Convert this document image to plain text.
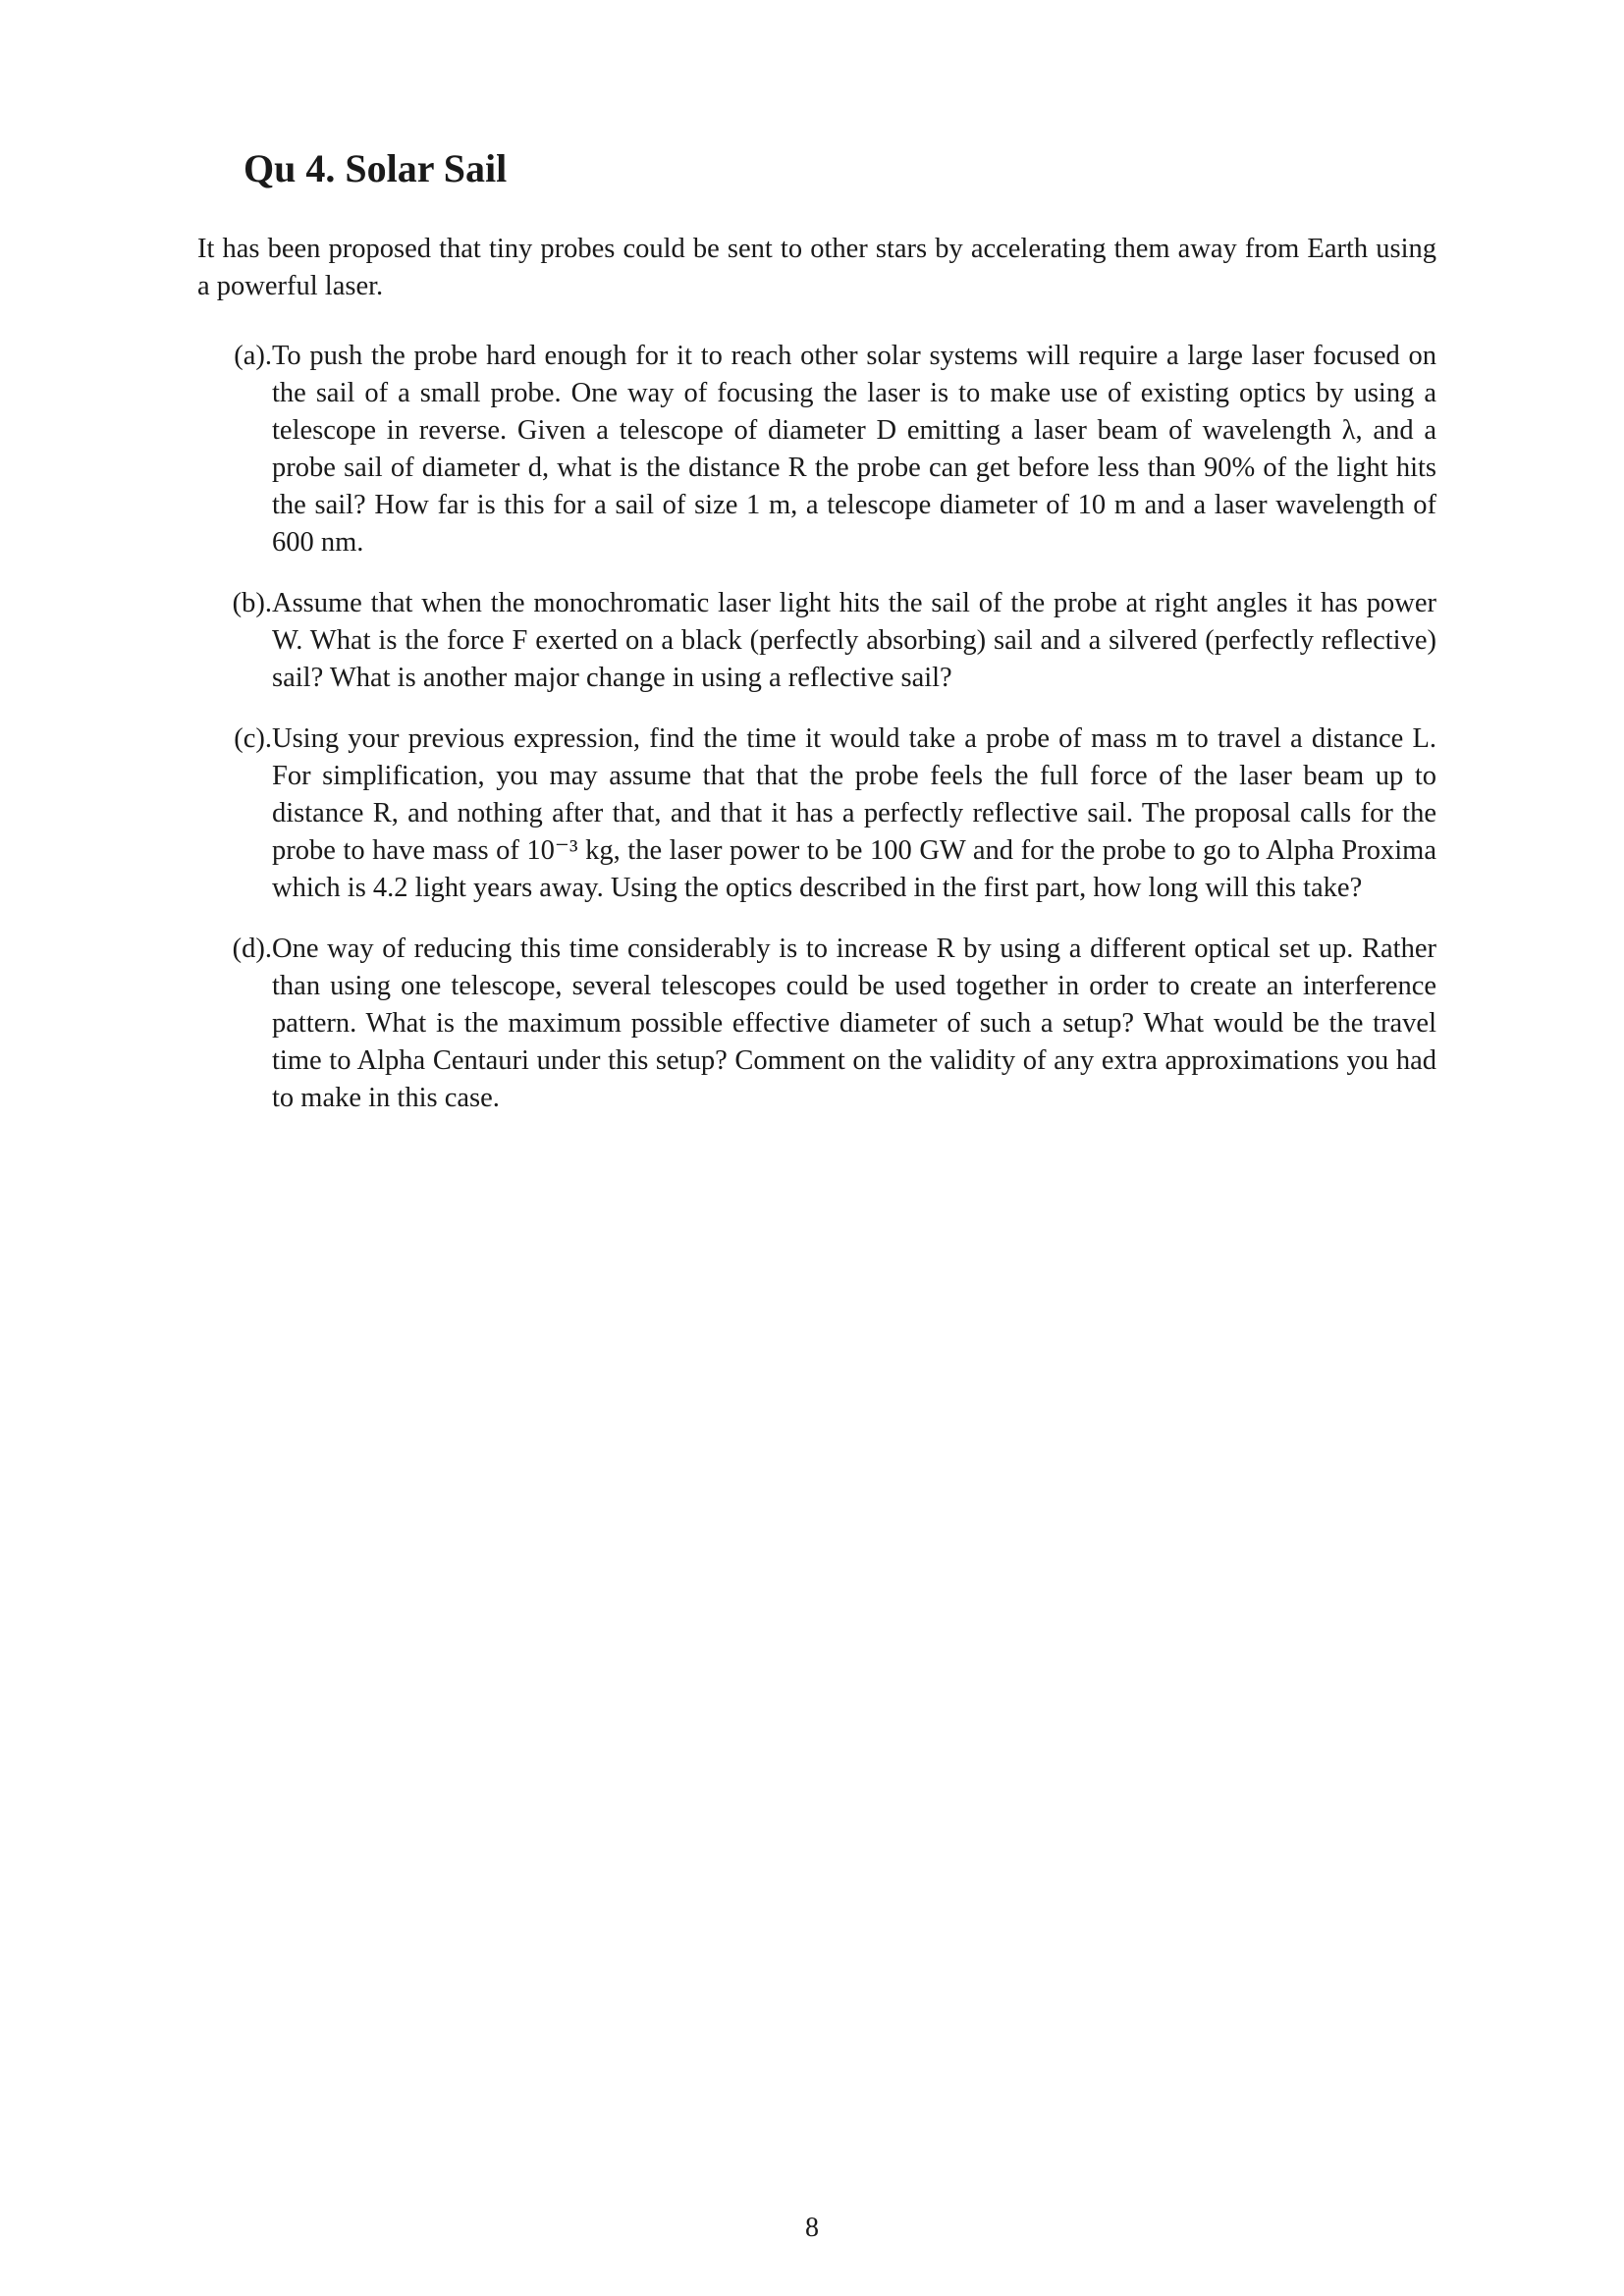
Qu 4. Solar Sail

It has been proposed that tiny probes could be sent to other stars by accelerating them away from Earth using a powerful laser.

(a). To push the probe hard enough for it to reach other solar systems will require a large laser focused on the sail of a small probe. One way of focusing the laser is to make use of existing optics by using a telescope in reverse. Given a telescope of diameter D emitting a laser beam of wavelength λ, and a probe sail of diameter d, what is the distance R the probe can get before less than 90% of the light hits the sail? How far is this for a sail of size 1 m, a telescope diameter of 10 m and a laser wavelength of 600 nm.
(b). Assume that when the monochromatic laser light hits the sail of the probe at right angles it has power W. What is the force F exerted on a black (perfectly absorbing) sail and a silvered (perfectly reflective) sail? What is another major change in using a reflective sail?
(c). Using your previous expression, find the time it would take a probe of mass m to travel a distance L. For simplification, you may assume that that the probe feels the full force of the laser beam up to distance R, and nothing after that, and that it has a perfectly reflective sail. The proposal calls for the probe to have mass of 10⁻³ kg, the laser power to be 100 GW and for the probe to go to Alpha Proxima which is 4.2 light years away. Using the optics described in the first part, how long will this take?
(d). One way of reducing this time considerably is to increase R by using a different optical set up. Rather than using one telescope, several telescopes could be used together in order to create an interference pattern. What is the maximum possible effective diameter of such a setup? What would be the travel time to Alpha Centauri under this setup? Comment on the validity of any extra approximations you had to make in this case.
8
